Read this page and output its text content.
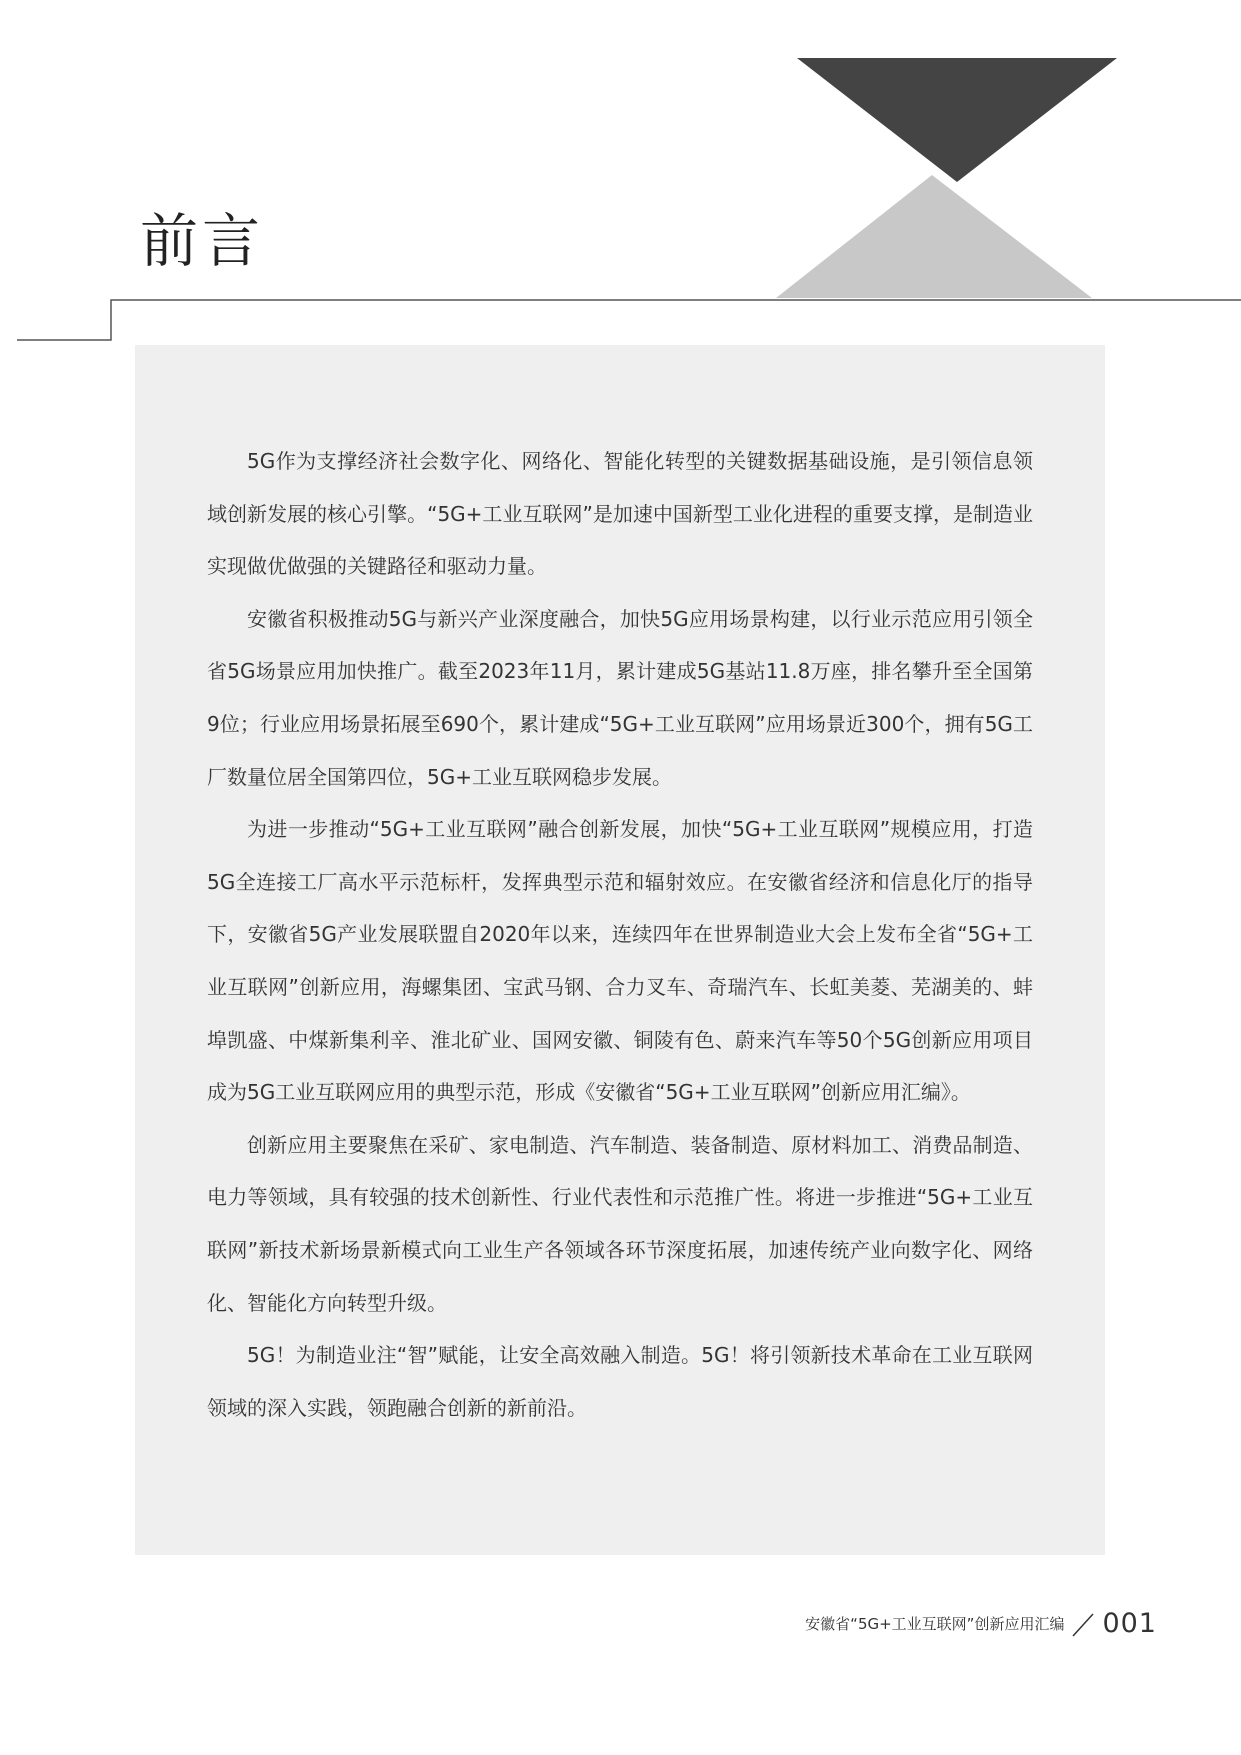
前言

5G作为支撑经济社会数字化、网络化、智能化转型的关键数据基础设施，是引领信息领域创新发展的核心引擎。“5G+工业互联网”是加速中国新型工业化进程的重要支撑，是制造业实现做优做强的关键路径和驱动力量。

安徽省积极推动5G与新兴产业深度融合，加快5G应用场景构建，以行业示范应用引领全省5G场景应用加快推广。截至2023年11月，累计建成5G基站11.8万座，排名攀升至全国第9位；行业应用场景拓展至690个，累计建成“5G+工业互联网”应用场景近300个，拥有5G工厂数量位居全国第四位，5G+工业互联网稳步发展。

为进一步推动“5G+工业互联网”融合创新发展，加快“5G+工业互联网”规模应用，打造5G全连接工厂高水平示范标杆，发挥典型示范和辐射效应。在安徽省经济和信息化厅的指导下，安徽省5G产业发展联盟自2020年以来，连续四年在世界制造业大会上发布全省“5G+工业互联网”创新应用，海螺集团、宝武马钢、合力叉车、奇瑞汽车、长虹美菱、芜湖美的、蚌埠凯盛、中煤新集利辛、淮北矿业、国网安徽、铜陵有色、蔚来汽车等50个5G创新应用项目成为5G工业互联网应用的典型示范，形成《安徽省“5G+工业互联网”创新应用汇编》。

创新应用主要聚焦在采矿、家电制造、汽车制造、装备制造、原材料加工、消费品制造、电力等领域，具有较强的技术创新性、行业代表性和示范推广性。将进一步推进“5G+工业互联网”新技术新场景新模式向工业生产各领域各环节深度拓展，加速传统产业向数字化、网络化、智能化方向转型升级。

5G！为制造业注“智”赋能，让安全高效融入制造。5G！将引领新技术革命在工业互联网领域的深入实践，领跑融合创新的新前沿。

安徽省“5G+工业互联网”创新应用汇编 001
